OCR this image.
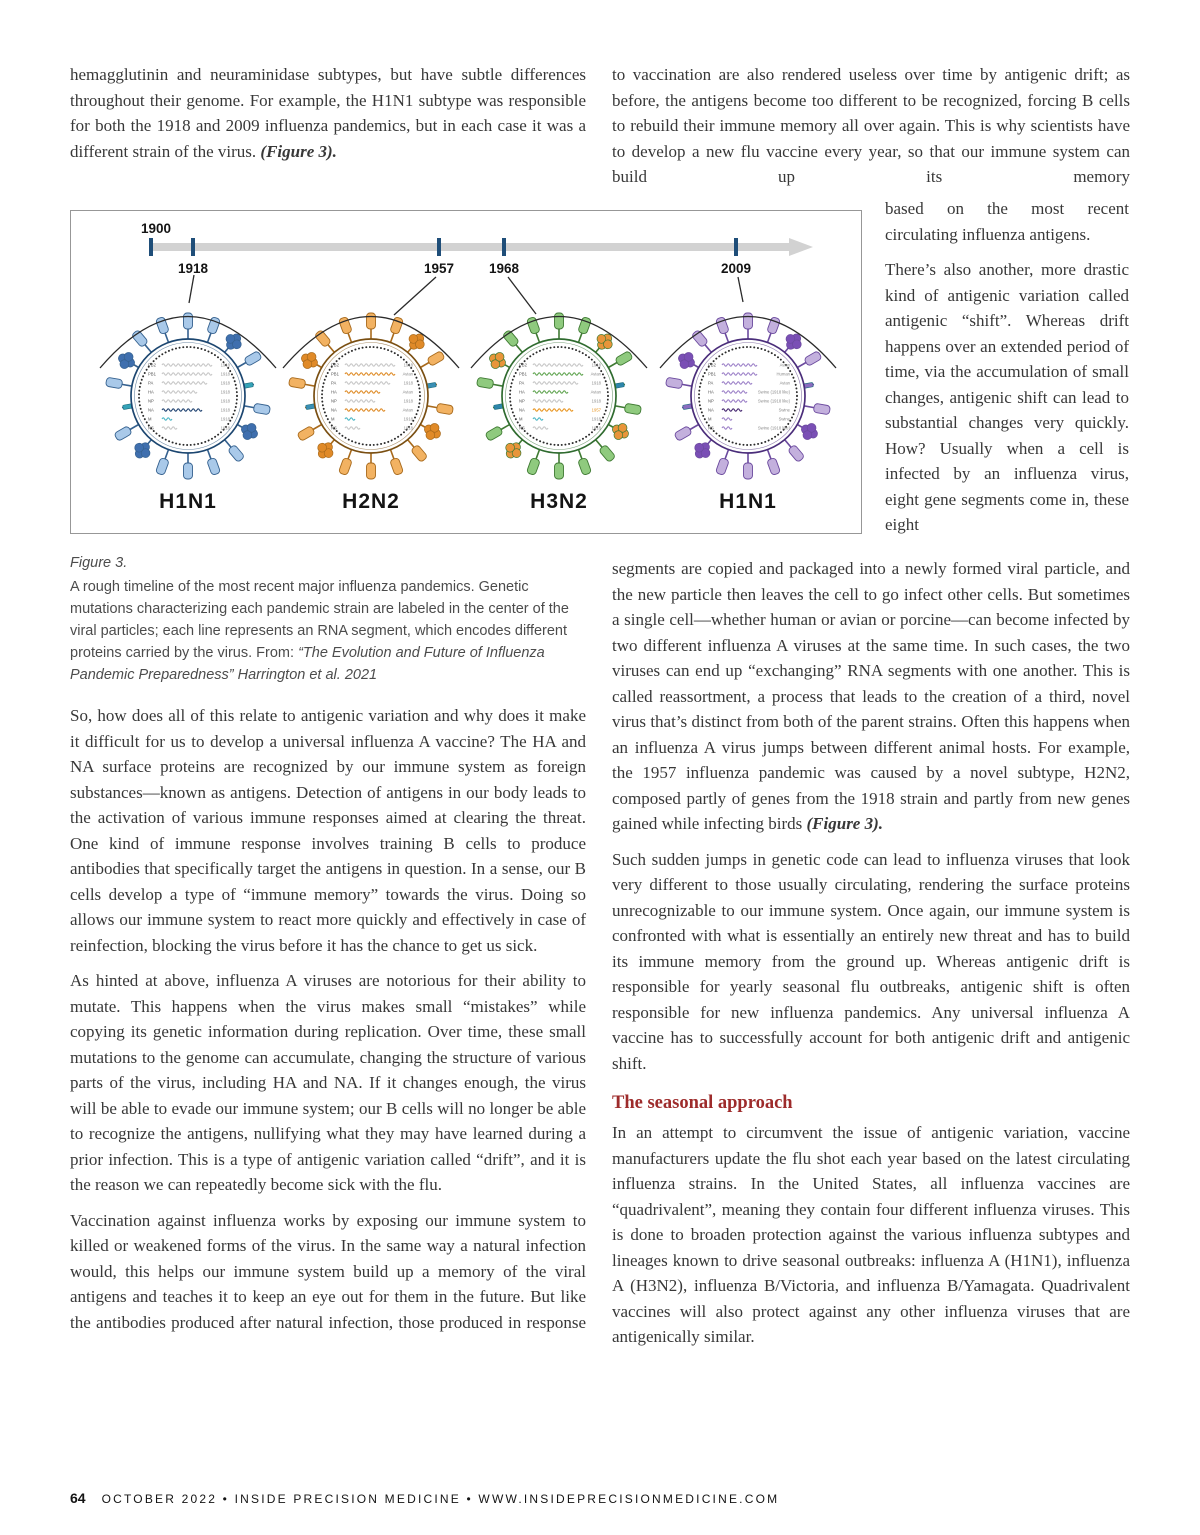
hemagglutinin and neuraminidase subtypes, but have subtle differences throughout their genome. For example, the H1N1 subtype was responsible for both the 1918 and 2009 influenza pandemics, but in each case it was a different strain of the virus. (Figure 3).

to vaccination are also rendered useless over time by antigenic drift; as before, the antigens become too different to be recognized, forcing B cells to rebuild their immune memory all over again. This is why scientists have to develop a new flu vaccine every year, so that our immune system can build up its memory

based on the most recent circulating influenza antigens.

There’s also another, more drastic kind of antigenic variation called antigenic “shift”. Whereas drift happens over an extended period of time, via the accumulation of small changes, antigenic shift can lead to substantial changes very quickly. How? Usually when a cell is infected by an influenza virus, eight gene segments come in, these eight

1900
1918	1957	1968	2009
PB2	1918
PB1	1918
PA	1918
HA	1918
NP	1918
NA	1918
M	1918
NS	1918
H1N1
PB2	1918
PB1	Avian
PA	1918
HA	Avian
NP	1918
NA	Avian
M	1918
NS	1918
H2N2
PB2	1918
PB1	Avian
PA	1918
HA	Avian
NP	1918
NA	1957
M	1918
NS	1918
H3N2
PB2	Avian
PB1	Human
PA	Avian
HA	Swine (1918 like)
NP	Swine (1918 like)
NA	Swine
M	Swine
NS	Swine (1918 like)
H1N1
Figure 3.
A rough timeline of the most recent major influenza pandemics. Genetic mutations characterizing each pandemic strain are labeled in the center of the viral particles; each line represents an RNA segment, which encodes different proteins carried by the virus. From: “The Evolution and Future of Influenza Pandemic Preparedness” Harrington et al. 2021

So, how does all of this relate to antigenic variation and why does it make it difficult for us to develop a universal influenza A vaccine? The HA and NA surface proteins are recognized by our immune system as foreign substances—known as antigens. Detection of antigens in our body leads to the activation of various immune responses aimed at clearing the threat. One kind of immune response involves training B cells to produce antibodies that specifically target the antigens in question. In a sense, our B cells develop a type of “immune memory” towards the virus. Doing so allows our immune system to react more quickly and effectively in case of reinfection, blocking the virus before it has the chance to get us sick.

As hinted at above, influenza A viruses are notorious for their ability to mutate. This happens when the virus makes small “mistakes” while copying its genetic information during replication. Over time, these small mutations to the genome can accumulate, changing the structure of various parts of the virus, including HA and NA. If it changes enough, the virus will be able to evade our immune system; our B cells will no longer be able to recognize the antigens, nullifying what they may have learned during a prior infection. This is a type of antigenic variation called “drift”, and it is the reason we can repeatedly become sick with the flu.

Vaccination against influenza works by exposing our immune system to killed or weakened forms of the virus. In the same way a natural infection would, this helps our immune system build up a memory of the viral antigens and teaches it to keep an eye out for them in the future. But like the antibodies produced after natural infection, those produced in response

segments are copied and packaged into a newly formed viral particle, and the new particle then leaves the cell to go infect other cells. But sometimes a single cell—whether human or avian or porcine—can become infected by two different influenza A viruses at the same time. In such cases, the two viruses can end up “exchanging” RNA segments with one another. This is called reassortment, a process that leads to the creation of a third, novel virus that’s distinct from both of the parent strains. Often this happens when an influenza A virus jumps between different animal hosts. For example, the 1957 influenza pandemic was caused by a novel subtype, H2N2, composed partly of genes from the 1918 strain and partly from new genes gained while infecting birds (Figure 3).

Such sudden jumps in genetic code can lead to influenza viruses that look very different to those usually circulating, rendering the surface proteins unrecognizable to our immune system. Once again, our immune system is confronted with what is essentially an entirely new threat and has to build its immune memory from the ground up. Whereas antigenic drift is responsible for yearly seasonal flu outbreaks, antigenic shift is often responsible for new influenza pandemics. Any universal influenza A vaccine has to successfully account for both antigenic drift and antigenic shift.

The seasonal approach

In an attempt to circumvent the issue of antigenic variation, vaccine manufacturers update the flu shot each year based on the latest circulating influenza strains. In the United States, all influenza vaccines are “quadrivalent”, meaning they contain four different influenza viruses. This is done to broaden protection against the various influenza subtypes and lineages known to drive seasonal outbreaks: influenza A (H1N1), influenza A (H3N2), influenza B/Victoria, and influenza B/Yamagata. Quadrivalent vaccines will also protect against any other influenza viruses that are antigenically similar.

64 OCTOBER 2022 • INSIDE PRECISION MEDICINE • WWW.INSIDEPRECISIONMEDICINE.COM
